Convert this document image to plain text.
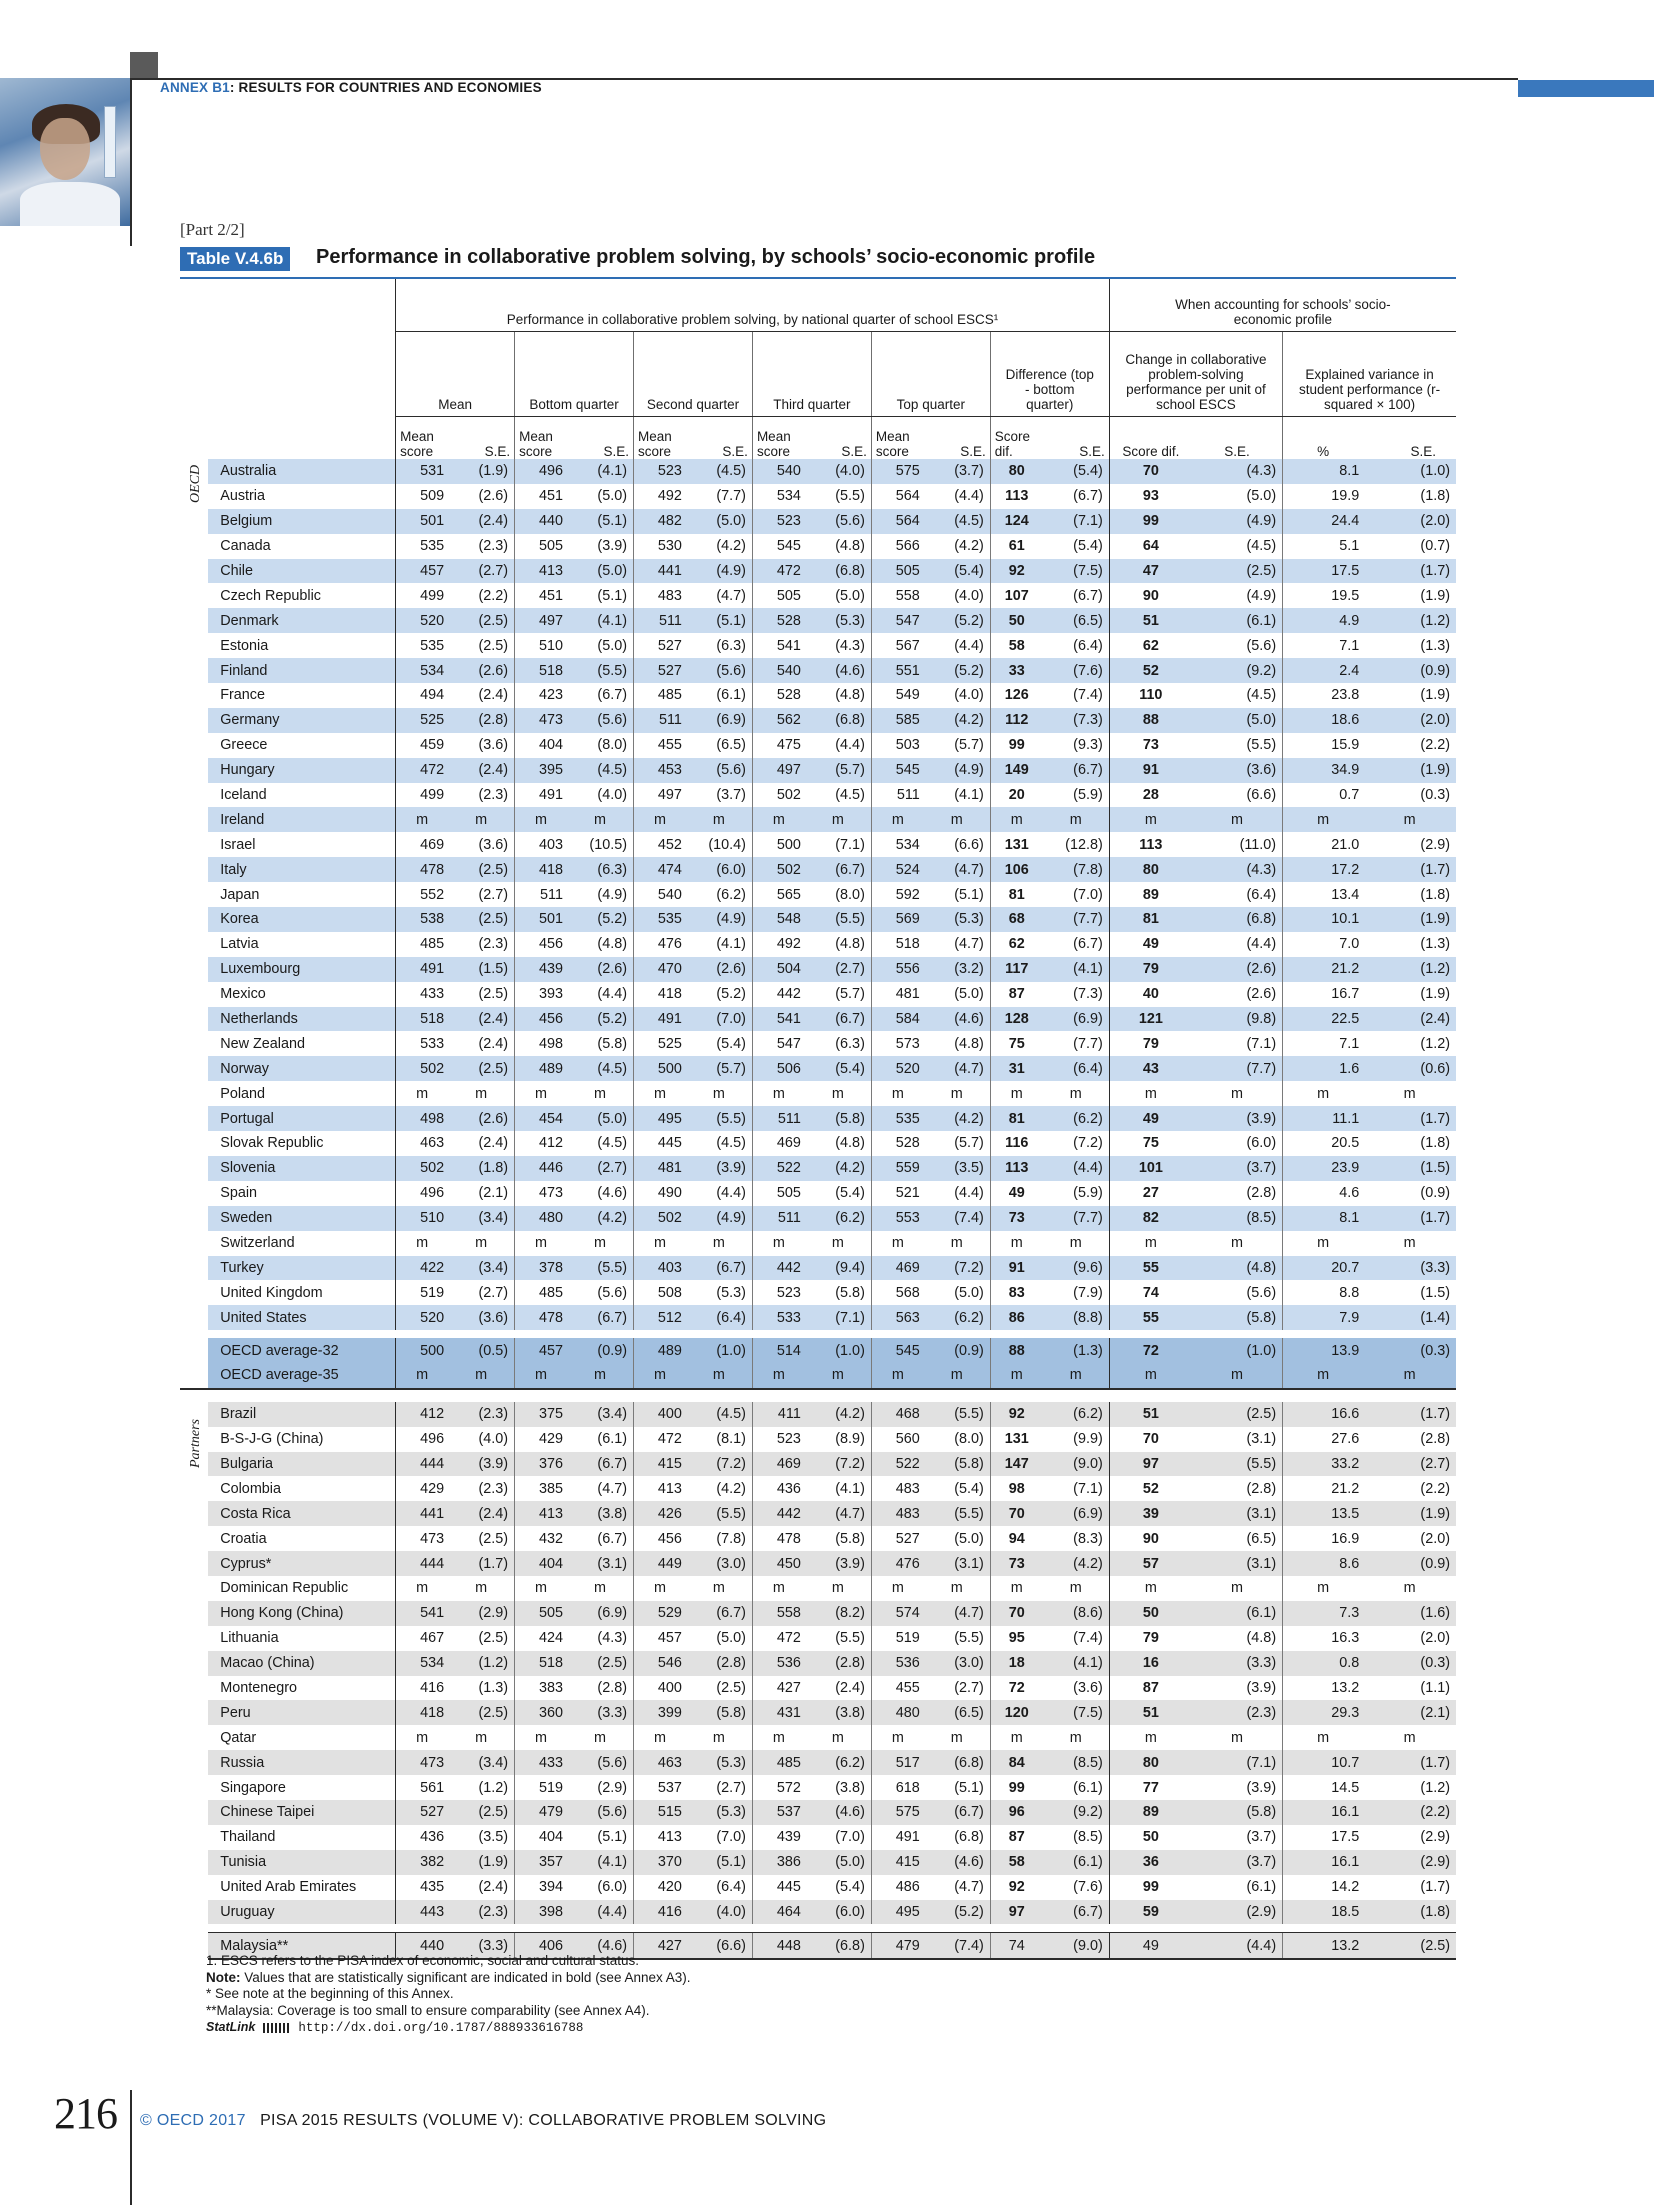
ANNEX B1: RESULTS FOR COUNTRIES AND ECONOMIES
[Part 2/2]
Table V.4.6b	Performance in collaborative problem solving, by schools’ socio-economic profile
		Performance in collaborative problem solving, by national quarter of school ESCS¹												When accounting for schools’ socio-economic profile			
		Mean		Bottom quarter		Second quarter		Third quarter		Top quarter		Difference (top - bottom quarter)		Change in collaborative problem-solving performance per unit of school ESCS		Explained variance in student performance (r-squared × 100)	
		Mean score	S.E.	Mean score	S.E.	Mean score	S.E.	Mean score	S.E.	Mean score	S.E.	Score dif.	S.E.	Score dif.	S.E.	%	S.E.

OECD	Australia	531	(1.9)	496	(4.1)	523	(4.5)	540	(4.0)	575	(3.7)	80	(5.4)	70	(4.3)	8.1	(1.0)
	Austria	509	(2.6)	451	(5.0)	492	(7.7)	534	(5.5)	564	(4.4)	113	(6.7)	93	(5.0)	19.9	(1.8)
	Belgium	501	(2.4)	440	(5.1)	482	(5.0)	523	(5.6)	564	(4.5)	124	(7.1)	99	(4.9)	24.4	(2.0)
	Canada	535	(2.3)	505	(3.9)	530	(4.2)	545	(4.8)	566	(4.2)	61	(5.4)	64	(4.5)	5.1	(0.7)
	Chile	457	(2.7)	413	(5.0)	441	(4.9)	472	(6.8)	505	(5.4)	92	(7.5)	47	(2.5)	17.5	(1.7)
	Czech Republic	499	(2.2)	451	(5.1)	483	(4.7)	505	(5.0)	558	(4.0)	107	(6.7)	90	(4.9)	19.5	(1.9)
	Denmark	520	(2.5)	497	(4.1)	511	(5.1)	528	(5.3)	547	(5.2)	50	(6.5)	51	(6.1)	4.9	(1.2)
	Estonia	535	(2.5)	510	(5.0)	527	(6.3)	541	(4.3)	567	(4.4)	58	(6.4)	62	(5.6)	7.1	(1.3)
	Finland	534	(2.6)	518	(5.5)	527	(5.6)	540	(4.6)	551	(5.2)	33	(7.6)	52	(9.2)	2.4	(0.9)
	France	494	(2.4)	423	(6.7)	485	(6.1)	528	(4.8)	549	(4.0)	126	(7.4)	110	(4.5)	23.8	(1.9)
	Germany	525	(2.8)	473	(5.6)	511	(6.9)	562	(6.8)	585	(4.2)	112	(7.3)	88	(5.0)	18.6	(2.0)
	Greece	459	(3.6)	404	(8.0)	455	(6.5)	475	(4.4)	503	(5.7)	99	(9.3)	73	(5.5)	15.9	(2.2)
	Hungary	472	(2.4)	395	(4.5)	453	(5.6)	497	(5.7)	545	(4.9)	149	(6.7)	91	(3.6)	34.9	(1.9)
	Iceland	499	(2.3)	491	(4.0)	497	(3.7)	502	(4.5)	511	(4.1)	20	(5.9)	28	(6.6)	0.7	(0.3)
	Ireland	m	m	m	m	m	m	m	m	m	m	m	m	m	m	m	m
	Israel	469	(3.6)	403	(10.5)	452	(10.4)	500	(7.1)	534	(6.6)	131	(12.8)	113	(11.0)	21.0	(2.9)
	Italy	478	(2.5)	418	(6.3)	474	(6.0)	502	(6.7)	524	(4.7)	106	(7.8)	80	(4.3)	17.2	(1.7)
	Japan	552	(2.7)	511	(4.9)	540	(6.2)	565	(8.0)	592	(5.1)	81	(7.0)	89	(6.4)	13.4	(1.8)
	Korea	538	(2.5)	501	(5.2)	535	(4.9)	548	(5.5)	569	(5.3)	68	(7.7)	81	(6.8)	10.1	(1.9)
	Latvia	485	(2.3)	456	(4.8)	476	(4.1)	492	(4.8)	518	(4.7)	62	(6.7)	49	(4.4)	7.0	(1.3)
	Luxembourg	491	(1.5)	439	(2.6)	470	(2.6)	504	(2.7)	556	(3.2)	117	(4.1)	79	(2.6)	21.2	(1.2)
	Mexico	433	(2.5)	393	(4.4)	418	(5.2)	442	(5.7)	481	(5.0)	87	(7.3)	40	(2.6)	16.7	(1.9)
	Netherlands	518	(2.4)	456	(5.2)	491	(7.0)	541	(6.7)	584	(4.6)	128	(6.9)	121	(9.8)	22.5	(2.4)
	New Zealand	533	(2.4)	498	(5.8)	525	(5.4)	547	(6.3)	573	(4.8)	75	(7.7)	79	(7.1)	7.1	(1.2)
	Norway	502	(2.5)	489	(4.5)	500	(5.7)	506	(5.4)	520	(4.7)	31	(6.4)	43	(7.7)	1.6	(0.6)
	Poland	m	m	m	m	m	m	m	m	m	m	m	m	m	m	m	m
	Portugal	498	(2.6)	454	(5.0)	495	(5.5)	511	(5.8)	535	(4.2)	81	(6.2)	49	(3.9)	11.1	(1.7)
	Slovak Republic	463	(2.4)	412	(4.5)	445	(4.5)	469	(4.8)	528	(5.7)	116	(7.2)	75	(6.0)	20.5	(1.8)
	Slovenia	502	(1.8)	446	(2.7)	481	(3.9)	522	(4.2)	559	(3.5)	113	(4.4)	101	(3.7)	23.9	(1.5)
	Spain	496	(2.1)	473	(4.6)	490	(4.4)	505	(5.4)	521	(4.4)	49	(5.9)	27	(2.8)	4.6	(0.9)
	Sweden	510	(3.4)	480	(4.2)	502	(4.9)	511	(6.2)	553	(7.4)	73	(7.7)	82	(8.5)	8.1	(1.7)
	Switzerland	m	m	m	m	m	m	m	m	m	m	m	m	m	m	m	m
	Turkey	422	(3.4)	378	(5.5)	403	(6.7)	442	(9.4)	469	(7.2)	91	(9.6)	55	(4.8)	20.7	(3.3)
	United Kingdom	519	(2.7)	485	(5.6)	508	(5.3)	523	(5.8)	568	(5.0)	83	(7.9)	74	(5.6)	8.8	(1.5)
	United States	520	(3.6)	478	(6.7)	512	(6.4)	533	(7.1)	563	(6.2)	86	(8.8)	55	(5.8)	7.9	(1.4)

	OECD average-32	500	(0.5)	457	(0.9)	489	(1.0)	514	(1.0)	545	(0.9)	88	(1.3)	72	(1.0)	13.9	(0.3)
	OECD average-35	m	m	m	m	m	m	m	m	m	m	m	m	m	m	m	m

Partners	Brazil	412	(2.3)	375	(3.4)	400	(4.5)	411	(4.2)	468	(5.5)	92	(6.2)	51	(2.5)	16.6	(1.7)
	B-S-J-G (China)	496	(4.0)	429	(6.1)	472	(8.1)	523	(8.9)	560	(8.0)	131	(9.9)	70	(3.1)	27.6	(2.8)
	Bulgaria	444	(3.9)	376	(6.7)	415	(7.2)	469	(7.2)	522	(5.8)	147	(9.0)	97	(5.5)	33.2	(2.7)
	Colombia	429	(2.3)	385	(4.7)	413	(4.2)	436	(4.1)	483	(5.4)	98	(7.1)	52	(2.8)	21.2	(2.2)
	Costa Rica	441	(2.4)	413	(3.8)	426	(5.5)	442	(4.7)	483	(5.5)	70	(6.9)	39	(3.1)	13.5	(1.9)
	Croatia	473	(2.5)	432	(6.7)	456	(7.8)	478	(5.8)	527	(5.0)	94	(8.3)	90	(6.5)	16.9	(2.0)
	Cyprus*	444	(1.7)	404	(3.1)	449	(3.0)	450	(3.9)	476	(3.1)	73	(4.2)	57	(3.1)	8.6	(0.9)
	Dominican Republic	m	m	m	m	m	m	m	m	m	m	m	m	m	m	m	m
	Hong Kong (China)	541	(2.9)	505	(6.9)	529	(6.7)	558	(8.2)	574	(4.7)	70	(8.6)	50	(6.1)	7.3	(1.6)
	Lithuania	467	(2.5)	424	(4.3)	457	(5.0)	472	(5.5)	519	(5.5)	95	(7.4)	79	(4.8)	16.3	(2.0)
	Macao (China)	534	(1.2)	518	(2.5)	546	(2.8)	536	(2.8)	536	(3.0)	18	(4.1)	16	(3.3)	0.8	(0.3)
	Montenegro	416	(1.3)	383	(2.8)	400	(2.5)	427	(2.4)	455	(2.7)	72	(3.6)	87	(3.9)	13.2	(1.1)
	Peru	418	(2.5)	360	(3.3)	399	(5.8)	431	(3.8)	480	(6.5)	120	(7.5)	51	(2.3)	29.3	(2.1)
	Qatar	m	m	m	m	m	m	m	m	m	m	m	m	m	m	m	m
	Russia	473	(3.4)	433	(5.6)	463	(5.3)	485	(6.2)	517	(6.8)	84	(8.5)	80	(7.1)	10.7	(1.7)
	Singapore	561	(1.2)	519	(2.9)	537	(2.7)	572	(3.8)	618	(5.1)	99	(6.1)	77	(3.9)	14.5	(1.2)
	Chinese Taipei	527	(2.5)	479	(5.6)	515	(5.3)	537	(4.6)	575	(6.7)	96	(9.2)	89	(5.8)	16.1	(2.2)
	Thailand	436	(3.5)	404	(5.1)	413	(7.0)	439	(7.0)	491	(6.8)	87	(8.5)	50	(3.7)	17.5	(2.9)
	Tunisia	382	(1.9)	357	(4.1)	370	(5.1)	386	(5.0)	415	(4.6)	58	(6.1)	36	(3.7)	16.1	(2.9)
	United Arab Emirates	435	(2.4)	394	(6.0)	420	(6.4)	445	(5.4)	486	(4.7)	92	(7.6)	99	(6.1)	14.2	(1.7)
	Uruguay	443	(2.3)	398	(4.4)	416	(4.0)	464	(6.0)	495	(5.2)	97	(6.7)	59	(2.9)	18.5	(1.8)

	Malaysia**	440	(3.3)	406	(4.6)	427	(6.6)	448	(6.8)	479	(7.4)	74	(9.0)	49	(4.4)	13.2	(2.5)
1. ESCS refers to the PISA index of economic, social and cultural status.
Note: Values that are statistically significant are indicated in bold (see Annex A3).
* See note at the beginning of this Annex.
**Malaysia: Coverage is too small to ensure comparability (see Annex A4).
StatLink	http://dx.doi.org/10.1787/888933616788
216 © OECD 2017 PISA 2015 RESULTS (VOLUME V): COLLABORATIVE PROBLEM SOLVING
